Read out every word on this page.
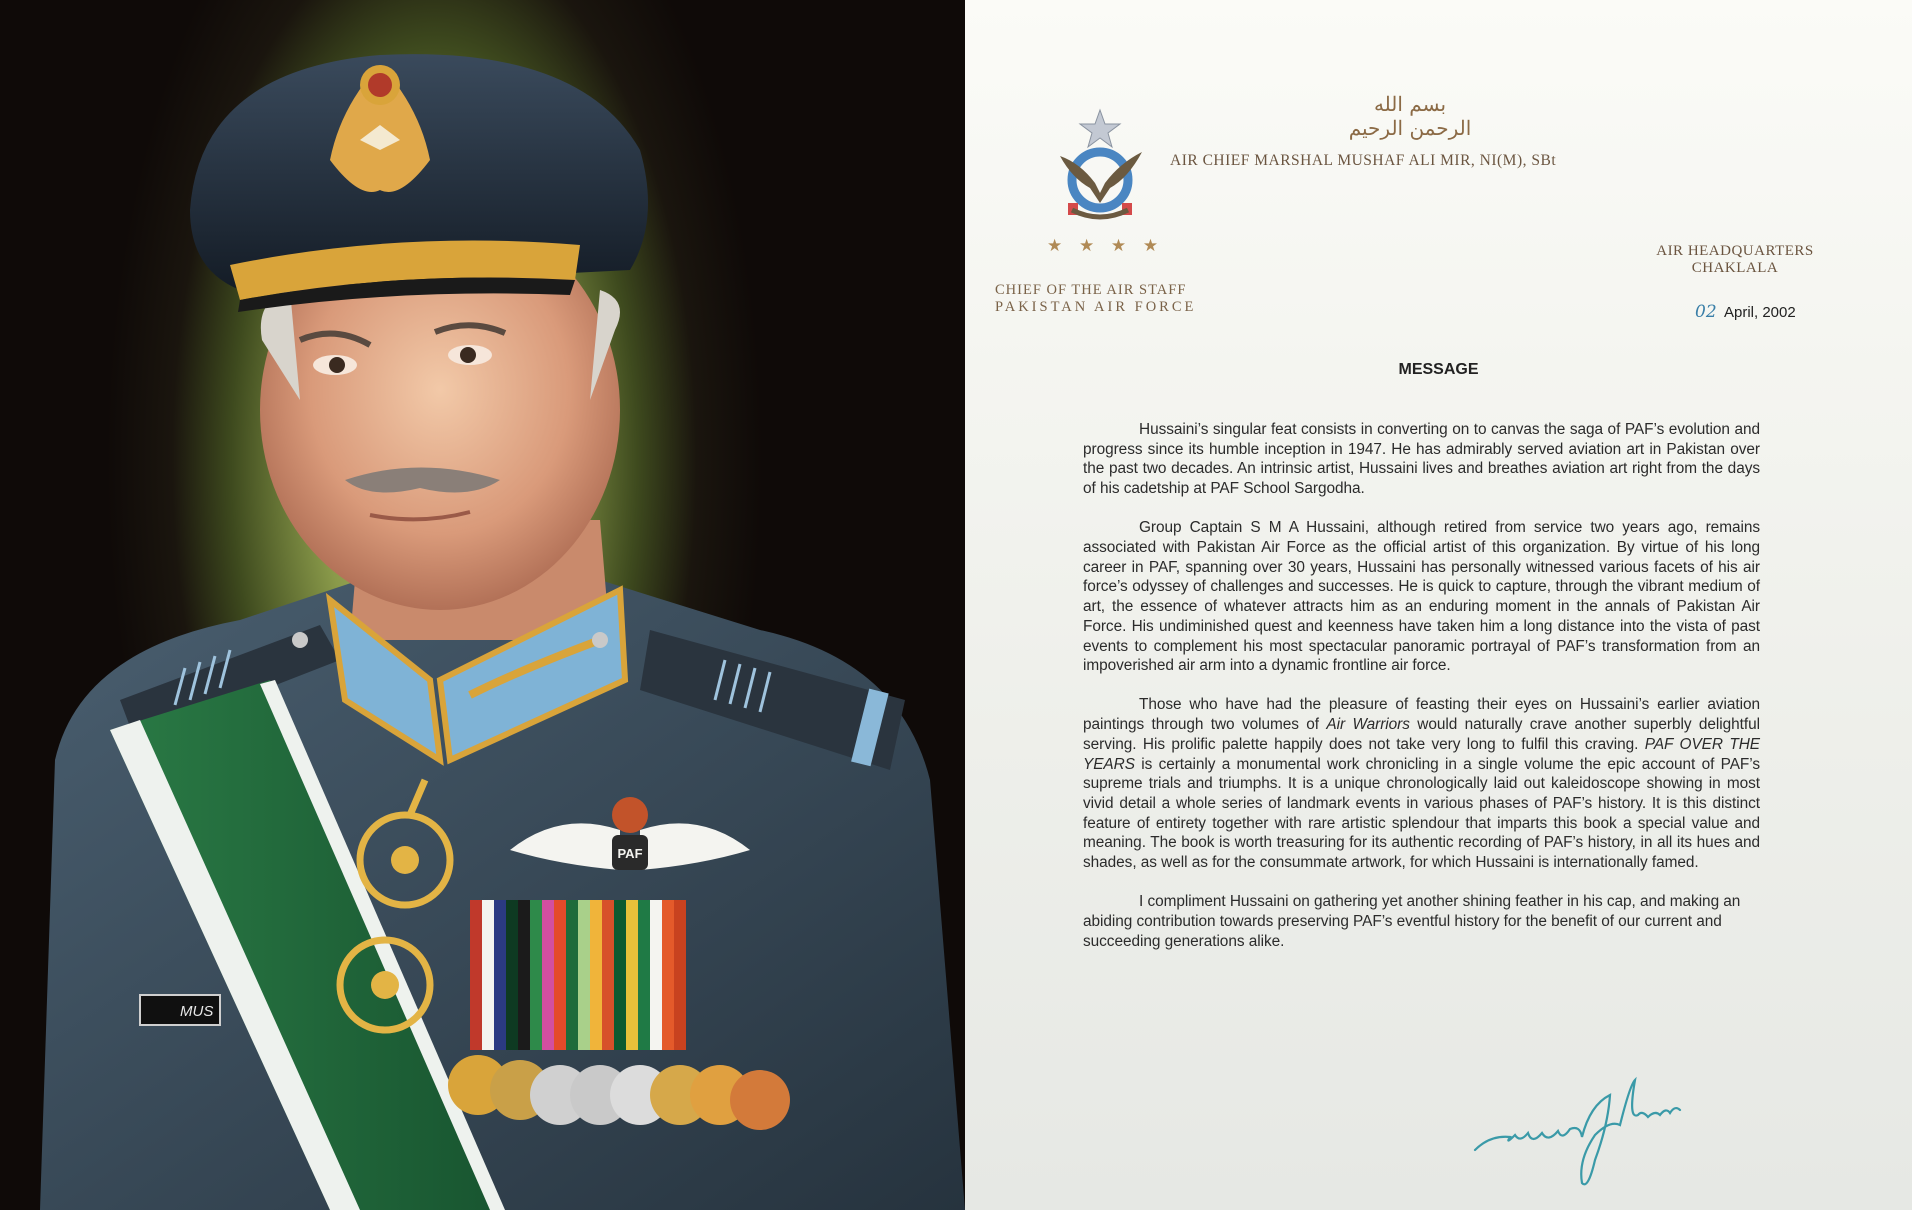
PAF
MUS
بسم الله الرحمن الرحيم
AIR CHIEF MARSHAL MUSHAF ALI MIR, NI(M), SBt
★ ★ ★ ★
CHIEF OF THE AIR STAFF
PAKISTAN AIR FORCE
AIR HEADQUARTERS
CHAKLALA
02 April, 2002
MESSAGE

Hussaini’s singular feat consists in converting on to canvas the saga of PAF’s evolution and progress since its humble inception in 1947. He has admirably served aviation art in Pakistan over the past two decades. An intrinsic artist, Hussaini lives and breathes aviation art right from the days of his cadetship at PAF School Sargodha.

Group Captain S M A Hussaini, although retired from service two years ago, remains associated with Pakistan Air Force as the official artist of this organization. By virtue of his long career in PAF, spanning over 30 years, Hussaini has personally witnessed various facets of his air force’s odyssey of challenges and successes. He is quick to capture, through the vibrant medium of art, the essence of whatever attracts him as an enduring moment in the annals of Pakistan Air Force. His undiminished quest and keenness have taken him a long distance into the vista of past events to complement his most spectacular panoramic portrayal of PAF’s transformation from an impoverished air arm into a dynamic frontline air force.

Those who have had the pleasure of feasting their eyes on Hussaini’s earlier aviation paintings through two volumes of Air Warriors would naturally crave another superbly delightful serving. His prolific palette happily does not take very long to fulfil this craving. PAF OVER THE YEARS is certainly a monumental work chronicling in a single volume the epic account of PAF’s supreme trials and triumphs. It is a unique chronologically laid out kaleidoscope showing in most vivid detail a whole series of landmark events in various phases of PAF’s history. It is this distinct feature of entirety together with rare artistic splendour that imparts this book a special value and meaning. The book is worth treasuring for its authentic recording of PAF’s history, in all its hues and shades, as well as for the consummate artwork, for which Hussaini is internationally famed.

I compliment Hussaini on gathering yet another shining feather in his cap, and making an abiding contribution towards preserving PAF’s eventful history for the benefit of our current and succeeding generations alike.
